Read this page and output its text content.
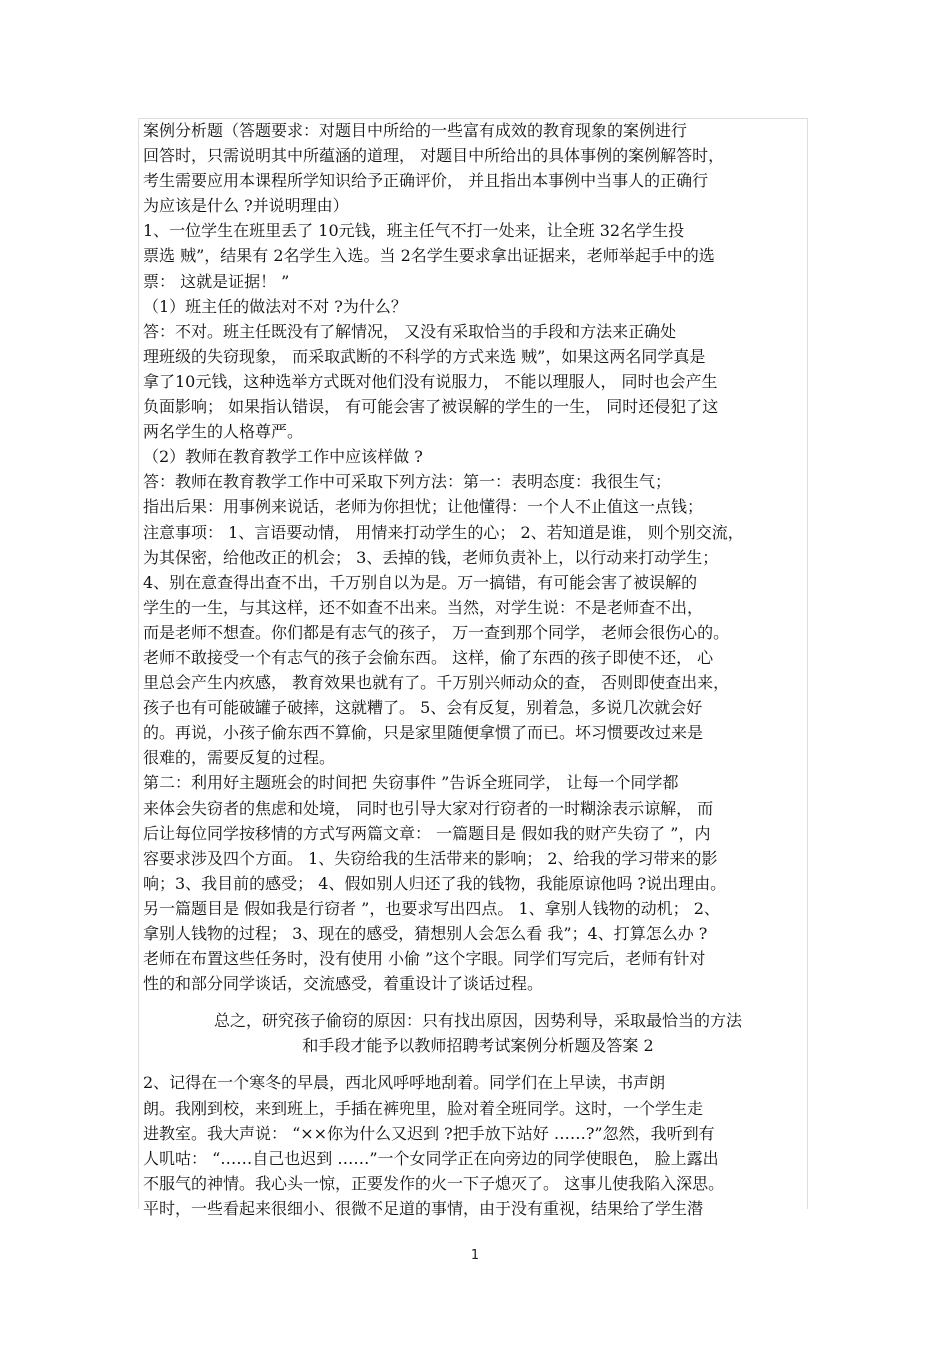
案例分析题（答题要求：对题目中所给的一些富有成效的教育现象的案例进行
回答时，只需说明其中所蕴涵的道理， 对题目中所给出的具体事例的案例解答时，
考生需要应用本课程所学知识给予正确评价， 并且指出本事例中当事人的正确行
为应该是什么 ?并说明理由）
1、一位学生在班里丢了 10元钱，班主任气不打一处来，让全班 32名学生投
票选 贼”，结果有 2名学生入选。当 2名学生要求拿出证据来，老师举起手中的选
票： 这就是证据！ ”
（1）班主任的做法对不对 ?为什么？
答：不对。班主任既没有了解情况， 又没有采取恰当的手段和方法来正确处
理班级的失窃现象， 而采取武断的不科学的方式来选 贼”，如果这两名同学真是
拿了10元钱，这种选举方式既对他们没有说服力， 不能以理服人， 同时也会产生
负面影响； 如果指认错误， 有可能会害了被误解的学生的一生， 同时还侵犯了这
两名学生的人格尊严。
（2）教师在教育教学工作中应该样做 ?
答：教师在教育教学工作中可采取下列方法：第一：表明态度：我很生气；
指出后果：用事例来说话，老师为你担忧；让他懂得：一个人不止值这一点钱；
注意事项： 1、言语要动情， 用情来打动学生的心； 2、若知道是谁， 则个别交流，
为其保密，给他改正的机会； 3、丢掉的钱，老师负责补上，以行动来打动学生；
4、别在意查得出查不出，千万别自以为是。万一搞错，有可能会害了被误解的
学生的一生，与其这样，还不如查不出来。当然，对学生说：不是老师查不出，
而是老师不想查。你们都是有志气的孩子， 万一查到那个同学， 老师会很伤心的。
老师不敢接受一个有志气的孩子会偷东西。 这样，偷了东西的孩子即使不还， 心
里总会产生内疚感， 教育效果也就有了。千万别兴师动众的查， 否则即使查出来，
孩子也有可能破罐子破摔，这就糟了。 5、会有反复，别着急，多说几次就会好
的。再说，小孩子偷东西不算偷，只是家里随便拿惯了而已。坏习惯要改过来是
很难的，需要反复的过程。
第二：利用好主题班会的时间把 失窃事件 ”告诉全班同学， 让每一个同学都
来体会失窃者的焦虑和处境， 同时也引导大家对行窃者的一时糊涂表示谅解， 而
后让每位同学按移情的方式写两篇文章： 一篇题目是 假如我的财产失窃了 ”，内
容要求涉及四个方面。 1、失窃给我的生活带来的影响； 2、给我的学习带来的影
响；3、我目前的感受； 4、假如别人归还了我的钱物，我能原谅他吗 ?说出理由。
另一篇题目是 假如我是行窃者 ”，也要求写出四点。 1、拿别人钱物的动机； 2、
拿别人钱物的过程； 3、现在的感受，猜想别人会怎么看 我”；4、打算怎么办 ?
老师在布置这些任务时，没有使用 小偷 ”这个字眼。同学们写完后，老师有针对
性的和部分同学谈话，交流感受，着重设计了谈话过程。
总之，研究孩子偷窃的原因：只有找出原因，因势利导，采取最恰当的方法
和手段才能予以教师招聘考试案例分析题及答案 2
2、记得在一个寒冬的早晨，西北风呼呼地刮着。同学们在上早读，书声朗
朗。我刚到校，来到班上，手插在裤兜里，脸对着全班同学。这时，一个学生走
进教室。我大声说： “××你为什么又迟到 ?把手放下站好 ……?”忽然，我听到有
人叽咕： “……自己也迟到 ……”一个女同学正在向旁边的同学使眼色， 脸上露出
不服气的神情。我心头一惊，正要发作的火一下子熄灭了。 这事儿使我陷入深思。
平时，一些看起来很细小、很微不足道的事情，由于没有重视，结果给了学生潜
1
